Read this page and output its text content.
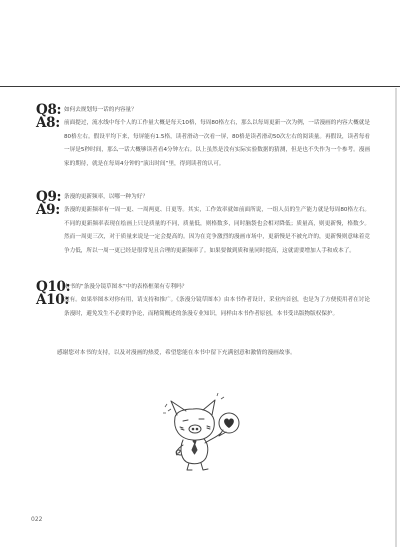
Q8: 如何去规划每一话的内容量？
A8: 前面提过，流水线中每个人的工作量大概是每天10格，每周80格左右，那么以每周更新一次为例，一话漫画的内容大概就是80格左右。假设平均下来，每屏能有1.5格，读者滑动一次看一屏，80格是读者滑动50次左右的阅读量。再假设，读者每看一屏是5秒时间，那么一话大概够读者看4分钟左右。以上虽然是没有实际实验数据的猜测，但是也不失作为一个参考。漫画家的期待，就是在每周4分钟的“演出时间”里，得到读者的认可。
Q9: 条漫的更新频率，以哪一种为好？
A9: 条漫的更新频率有一周一更、一周两更、日更等。其实，工作效率就如前面所说，一组人员的生产能力就是每周80格左右。不同的更新频率表现在绘画上只是质量的不同，质量低，则格数多，同时脑袋也会相对降低；质量高，则更新慢，格数少。然而一周更三次，对于质量来说是一定会提高的。因为在竞争激烈的漫画市场中，更新慢是不被允许的，更新慢则意味着竞争力低，所以一周一更已经是很常见且合理的更新频率了。如果要做到质和量同时提高，这就需要增加人手和成本了。
Q10:
本书的“条漫分镜草图本”中的表格框架有专利吗？
A10:
没有。如果举图本对你有用，请支持和推广。《条漫分镜草图本》由本书作者设计，采业内首创，也是为了方便使用者在讨论条漫时，避免发生不必要的争论，而精简概述的条漫专业知识，同样由本书作者原创，本书受出版物版权保护。
感谢您对本书的支持，以及对漫画的热爱，希望您能在本书中留下充满创意和激情的漫画故事。
022
